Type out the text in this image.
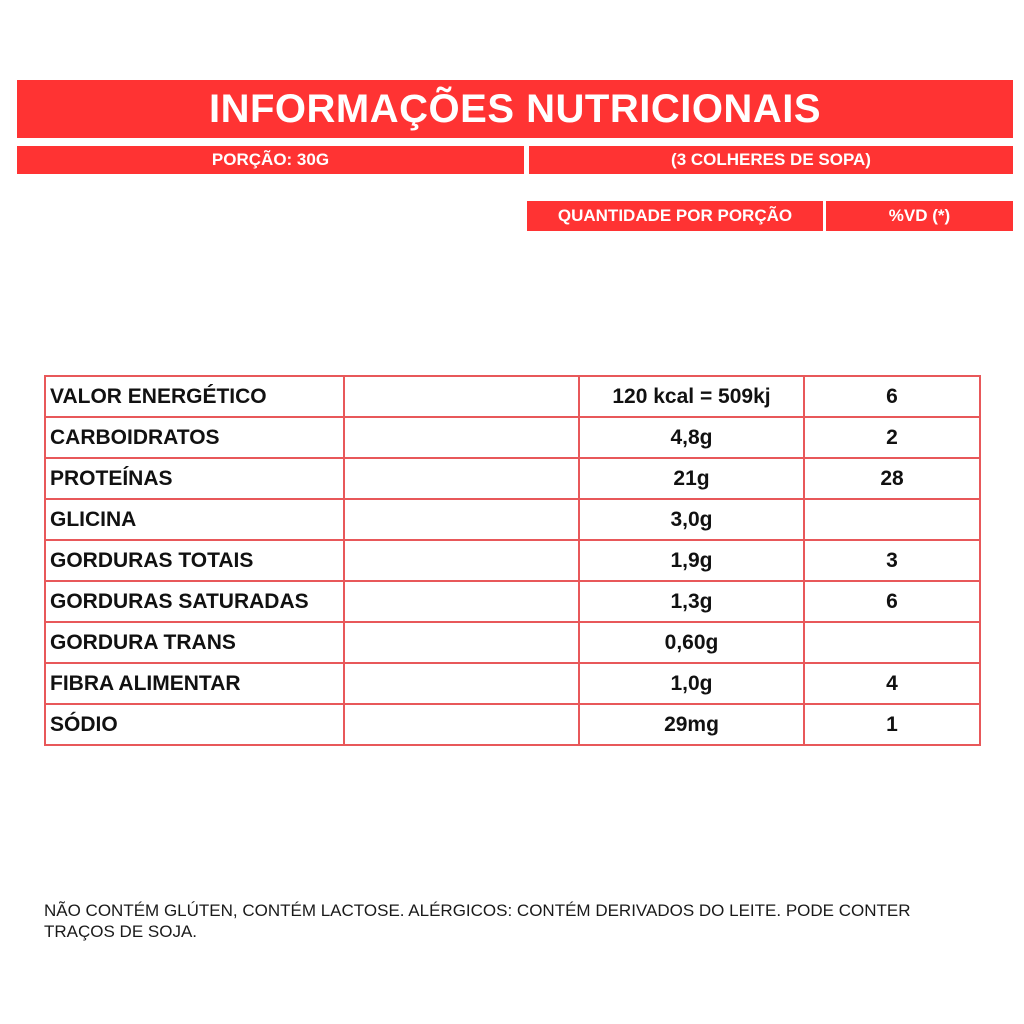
INFORMAÇÕES NUTRICIONAIS
PORÇÃO: 30G	(3 COLHERES DE SOPA)
QUANTIDADE POR PORÇÃO	%VD (*)
VALOR ENERGÉTICO		120 kcal = 509kj	6
CARBOIDRATOS		4,8g	2
PROTEÍNAS		21g	28
GLICINA		3,0g	
GORDURAS TOTAIS		1,9g	3
GORDURAS SATURADAS		1,3g	6
GORDURA TRANS		0,60g	
FIBRA ALIMENTAR		1,0g	4
SÓDIO		29mg	1
NÃO CONTÉM GLÚTEN, CONTÉM LACTOSE. ALÉRGICOS: CONTÉM DERIVADOS DO LEITE. PODE CONTER TRAÇOS DE SOJA.
